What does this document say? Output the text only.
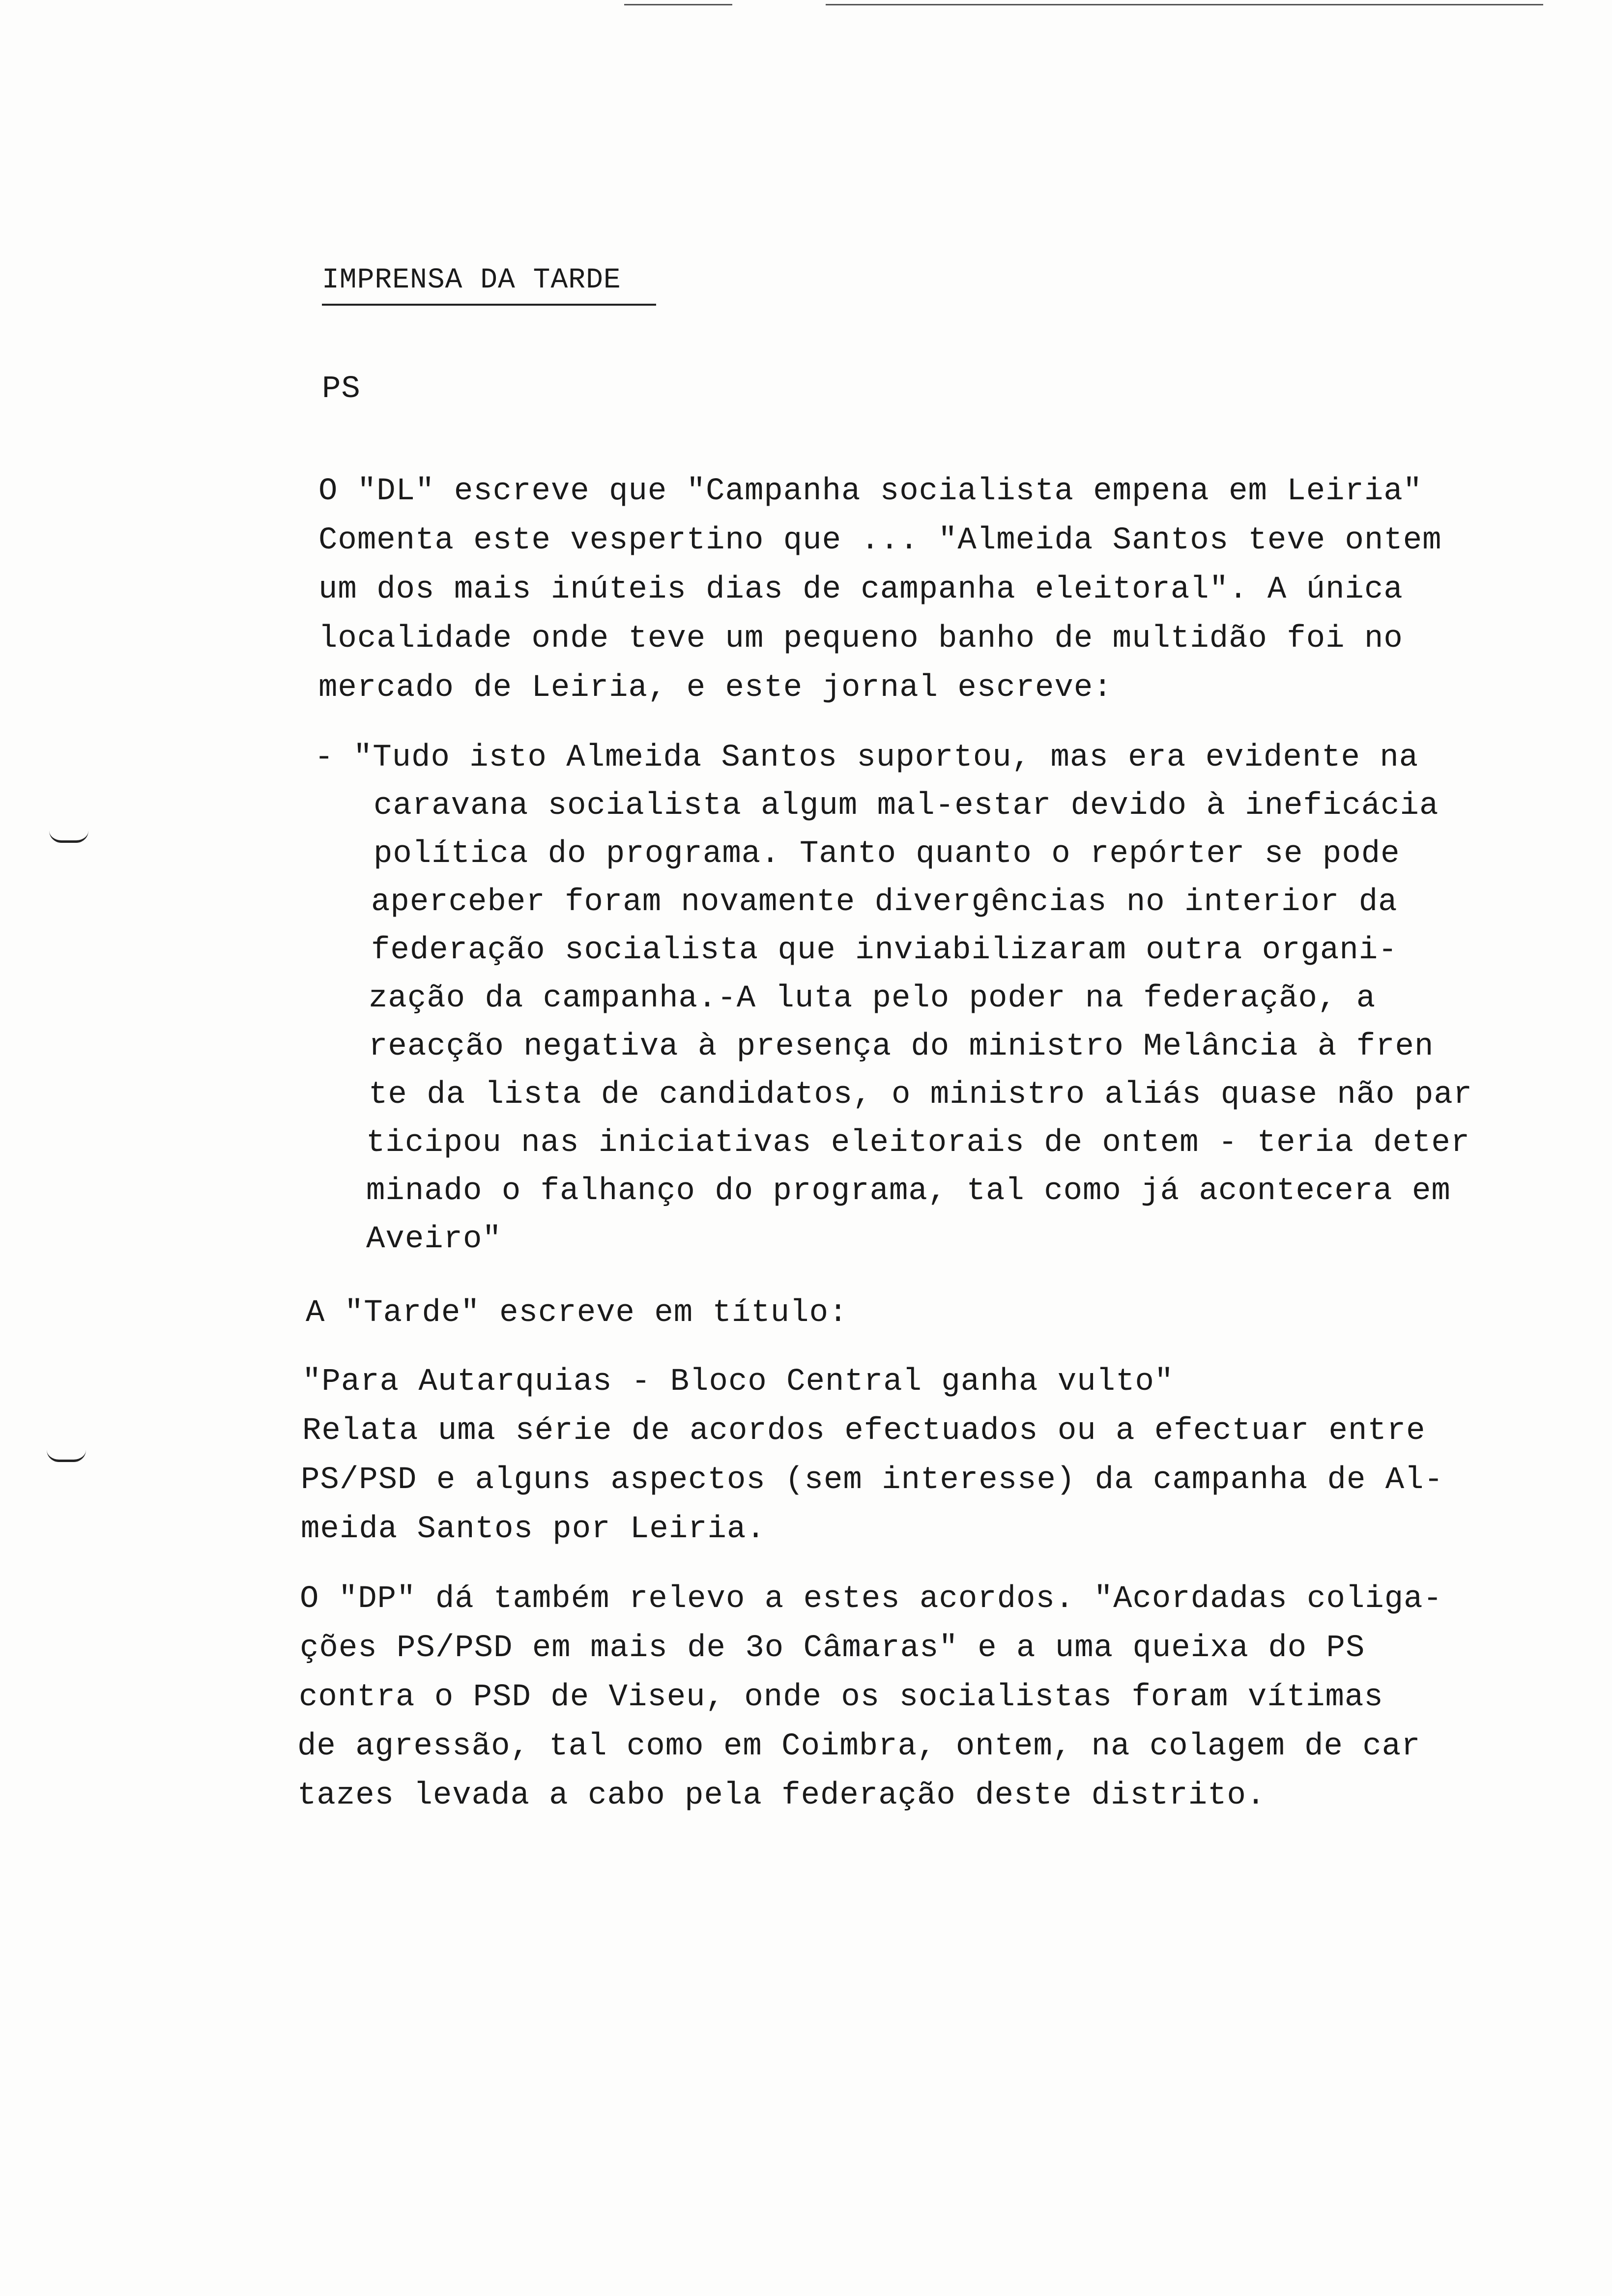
IMPRENSA DA TARDE
PS
O "DL" escreve que "Campanha socialista empena em Leiria"
Comenta este vespertino que ... "Almeida Santos teve ontem
um dos mais inúteis dias de campanha eleitoral". A única
localidade onde teve um pequeno banho de multidão foi no
mercado de Leiria, e este jornal escreve:
- "Tudo isto Almeida Santos suportou, mas era evidente na
caravana socialista algum mal-estar devido à ineficácia
política do programa. Tanto quanto o repórter se pode
aperceber foram novamente divergências no interior da
federação socialista que inviabilizaram outra organi-
zação da campanha.-A luta pelo poder na federação, a
reacção negativa à presença do ministro Melância à fren
te da lista de candidatos, o ministro aliás quase não par
ticipou nas iniciativas eleitorais de ontem - teria deter
minado o falhanço do programa, tal como já acontecera em
Aveiro"
A "Tarde" escreve em título:
"Para Autarquias - Bloco Central ganha vulto"
Relata uma série de acordos efectuados ou a efectuar entre
PS/PSD e alguns aspectos (sem interesse) da campanha de Al-
meida Santos por Leiria.
O "DP" dá também relevo a estes acordos. "Acordadas coliga-
ções PS/PSD em mais de 3o Câmaras" e a uma queixa do PS
contra o PSD de Viseu, onde os socialistas foram vítimas
de agressão, tal como em Coimbra, ontem, na colagem de car
tazes levada a cabo pela federação deste distrito.
